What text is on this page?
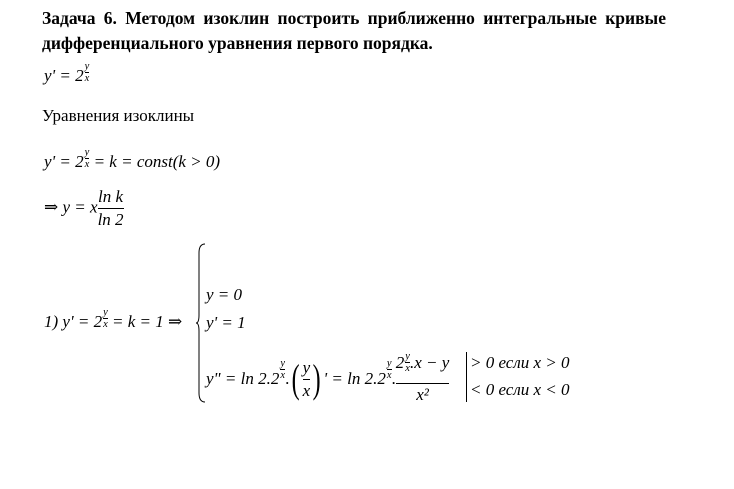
Задача 6. Методом изоклин построить приближенно интегральные кривые дифференциального уравнения первого порядка.
$y' = 2 \frac{y}{x}$
Уравнения изоклины
$y' = 2 \frac{y}{x} = k$ = const(k > 0)
⇒ y = x $\frac{\text{ln k}}{\ln 2}$
1) $y' = 2 \frac{y}{x} = k = 1$ ⇒
y = 0
y' = 1
y" = ln 2.2
y
x . ( $\frac{y}{x}$ ) ' = ln 2.2
y
x . $\frac{2 \frac{y}{x} .x - y}{\text{x²}} > 0$ если x > 0
< 0 если x < 0
